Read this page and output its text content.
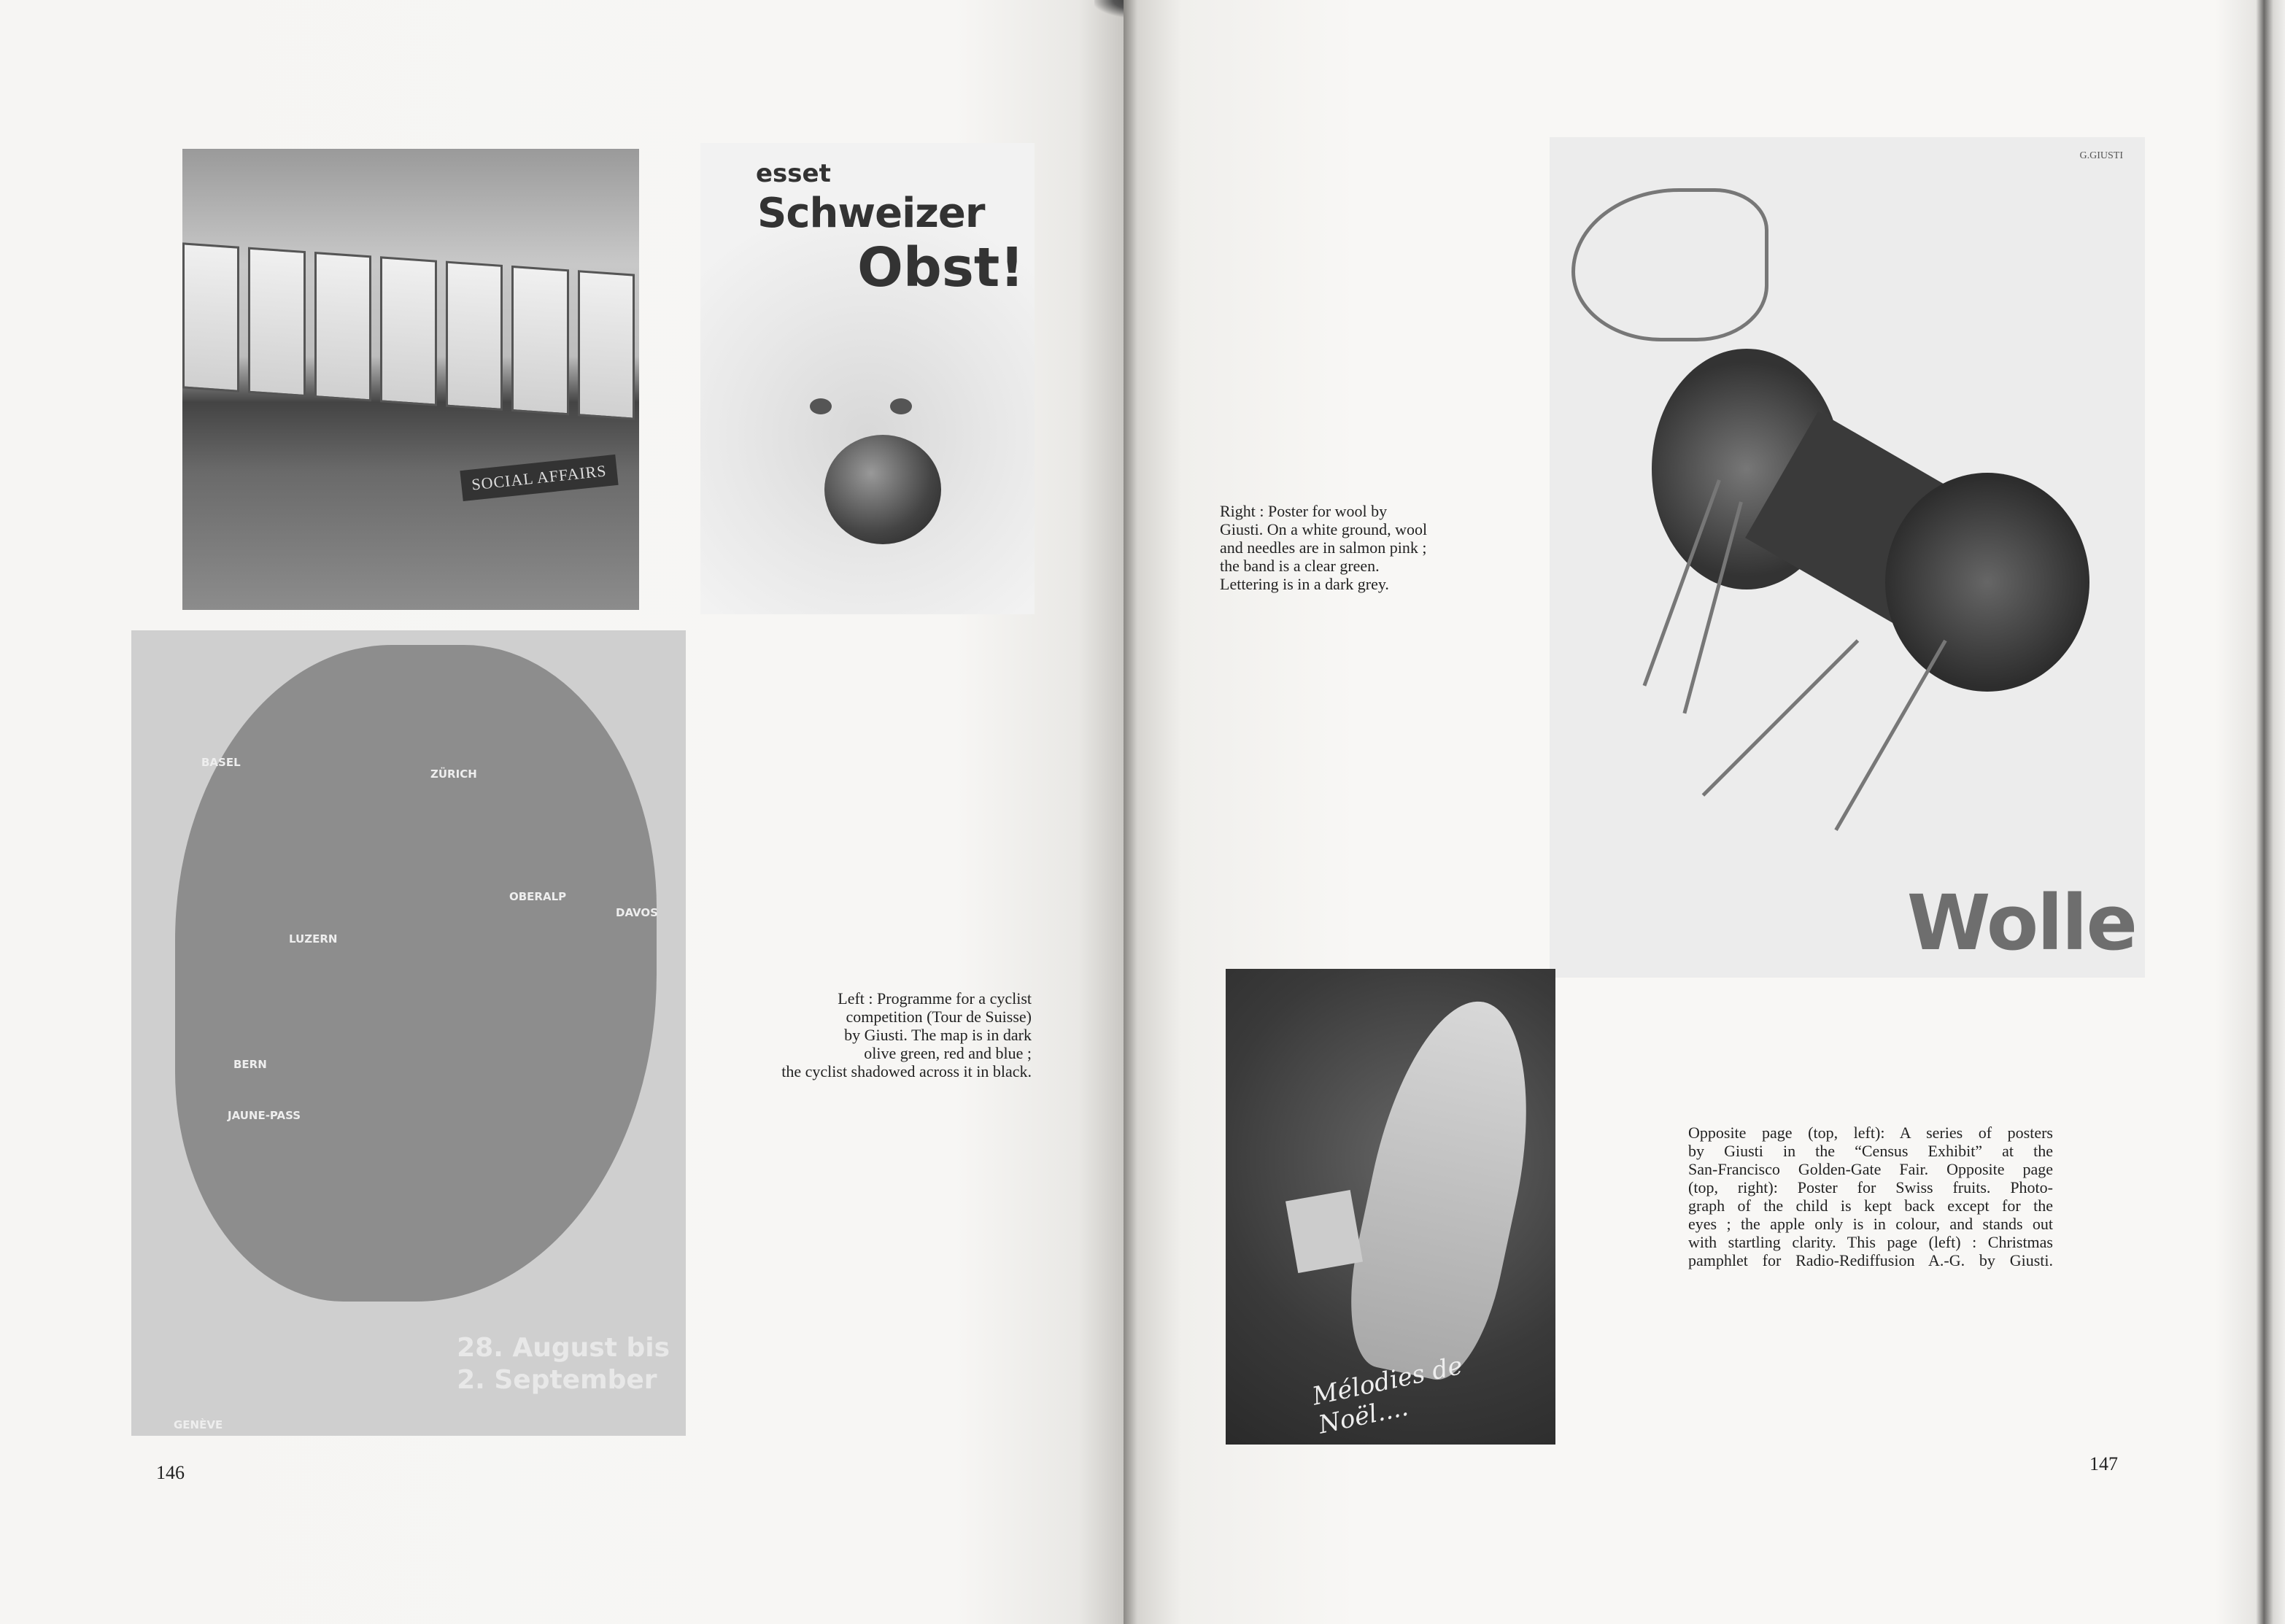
SOCIAL AFFAIRS
esset
Schweizer
Obst!
BASEL
ZÜRICH
LUZERN
OBERALP
DAVOS
BERN
JAUNE-PASS
GENÈVE
28. August bis
2. September
Left : Programme for a cyclist
competition (Tour de Suisse)
by Giusti. The map is in dark
olive green, red and blue ;
the cyclist shadowed across it in black.
146
Right : Poster for wool by
Giusti. On a white ground, wool
and needles are in salmon pink ;
the band is a clear green.
Lettering is in a dark grey.
Opposite page (top, left): A series of posters
by Giusti in the “Census Exhibit” at the
San-Francisco Golden-Gate Fair. Opposite page
(top, right): Poster for Swiss fruits. Photo-
graph of the child is kept back except for the
eyes ; the apple only is in colour, and stands out
with startling clarity. This page (left) : Christmas
pamphlet for Radio-Rediffusion A.-G. by Giusti.
147
G.GIUSTI
Wolle
Mélodies de Noël....
